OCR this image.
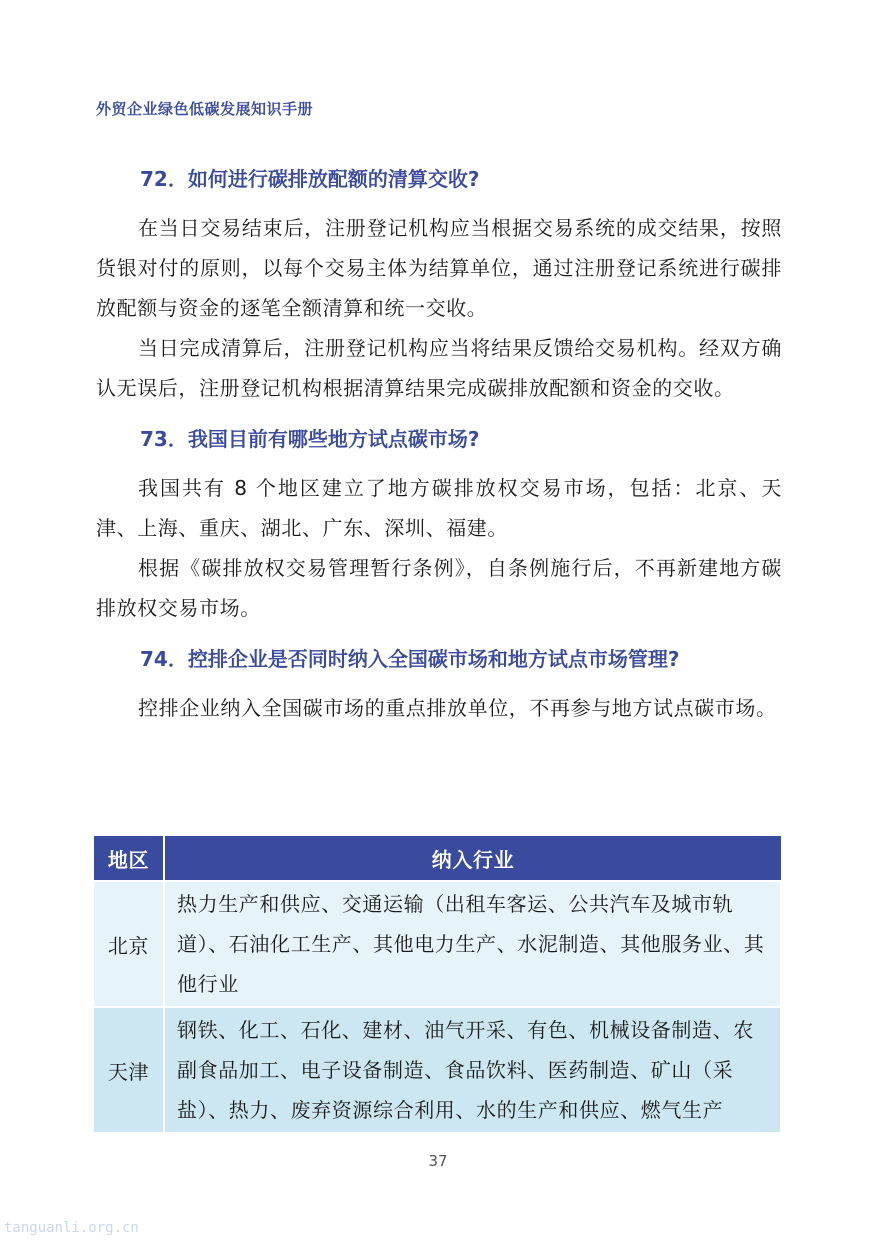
外贸企业绿色低碳发展知识手册
72．如何进行碳排放配额的清算交收?

在当日交易结束后，注册登记机构应当根据交易系统的成交结果，按照货银对付的原则，以每个交易主体为结算单位，通过注册登记系统进行碳排放配额与资金的逐笔全额清算和统一交收。

当日完成清算后，注册登记机构应当将结果反馈给交易机构。经双方确认无误后，注册登记机构根据清算结果完成碳排放配额和资金的交收。

73．我国目前有哪些地方试点碳市场?

我国共有 8 个地区建立了地方碳排放权交易市场，包括：北京、天津、上海、重庆、湖北、广东、深圳、福建。

根据《碳排放权交易管理暂行条例》，自条例施行后，不再新建地方碳排放权交易市场。

74．控排企业是否同时纳入全国碳市场和地方试点市场管理?

控排企业纳入全国碳市场的重点排放单位，不再参与地方试点碳市场。

地区	纳入行业
北京	热力生产和供应、交通运输（出租车客运、公共汽车及城市轨道）、石油化工生产、其他电力生产、水泥制造、其他服务业、其他行业
天津	钢铁、化工、石化、建材、油气开采、有色、机械设备制造、农副食品加工、电子设备制造、食品饮料、医药制造、矿山（采盐）、热力、废弃资源综合利用、水的生产和供应、燃气生产
37
tanguanli.org.cn
